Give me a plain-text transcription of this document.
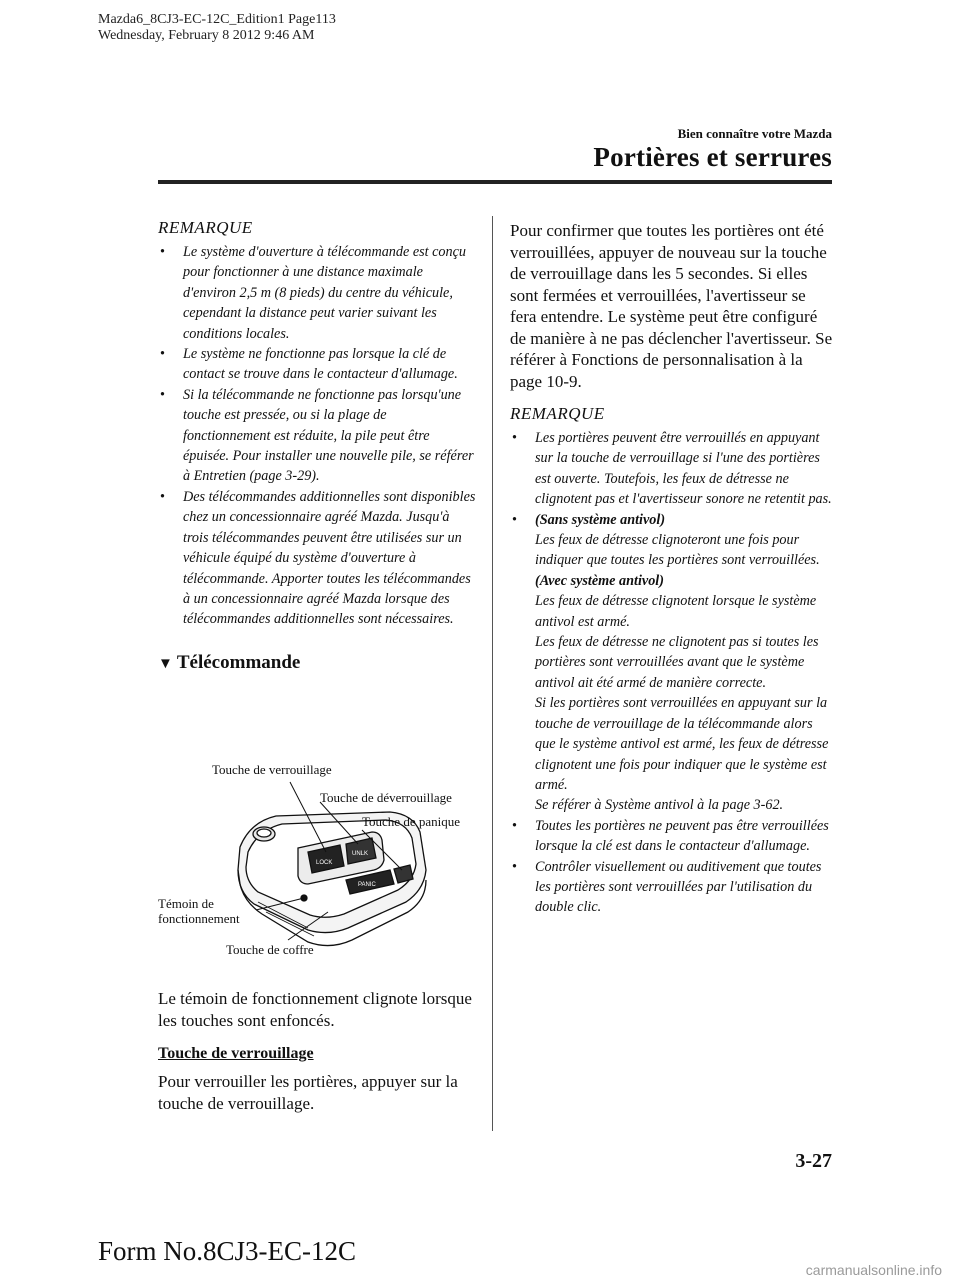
Mazda6_8CJ3-EC-12C_Edition1 Page113
Wednesday, February 8 2012 9:46 AM
Bien connaître votre Mazda
Portières et serrures

REMARQUE

• Le système d'ouverture à télécommande est conçu pour fonctionner à une distance maximale d'environ 2,5 m (8 pieds) du centre du véhicule, cependant la distance peut varier suivant les conditions locales.
• Le système ne fonctionne pas lorsque la clé de contact se trouve dans le contacteur d'allumage.
• Si la télécommande ne fonctionne pas lorsqu'une touche est pressée, ou si la plage de fonctionnement est réduite, la pile peut être épuisée. Pour installer une nouvelle pile, se référer à Entretien (page 3-29).
• Des télécommandes additionnelles sont disponibles chez un concessionnaire agréé Mazda. Jusqu'à trois télécommandes peuvent être utilisées sur un véhicule équipé du système d'ouverture à télécommande. Apporter toutes les télécommandes à un concessionnaire agréé Mazda lorsque des télécommandes additionnelles sont nécessaires.

▼ Télécommande

LOCK
UNLK
PANIC
Touche de verrouillage
Touche de déverrouillage
Touche de panique
Témoin de
fonctionnement
Touche de coffre

Le témoin de fonctionnement clignote lorsque les touches sont enfoncés.

Touche de verrouillage

Pour verrouiller les portières, appuyer sur la touche de verrouillage.

Pour confirmer que toutes les portières ont été verrouillées, appuyer de nouveau sur la touche de verrouillage dans les 5 secondes. Si elles sont fermées et verrouillées, l'avertisseur se fera entendre. Le système peut être configuré de manière à ne pas déclencher l'avertisseur. Se référer à Fonctions de personnalisation à la page 10-9.

REMARQUE

• Les portières peuvent être verrouillés en appuyant sur la touche de verrouillage si l'une des portières est ouverte. Toutefois, les feux de détresse ne clignotent pas et l'avertisseur sonore ne retentit pas.
• (Sans système antivol)
Les feux de détresse clignoteront une fois pour indiquer que toutes les portières sont verrouillées.
(Avec système antivol)
Les feux de détresse clignotent lorsque le système antivol est armé.
Les feux de détresse ne clignotent pas si toutes les portières sont verrouillées avant que le système antivol ait été armé de manière correcte.
Si les portières sont verrouillées en appuyant sur la touche de verrouillage de la télécommande alors que le système antivol est armé, les feux de détresse clignotent une fois pour indiquer que le système est armé.
Se référer à Système antivol à la page 3-62.
• Toutes les portières ne peuvent pas être verrouillées lorsque la clé est dans le contacteur d'allumage.
• Contrôler visuellement ou auditivement que toutes les portières sont verrouillées par l'utilisation du double clic.
3-27
Form No.8CJ3-EC-12C
carmanualsonline.info
